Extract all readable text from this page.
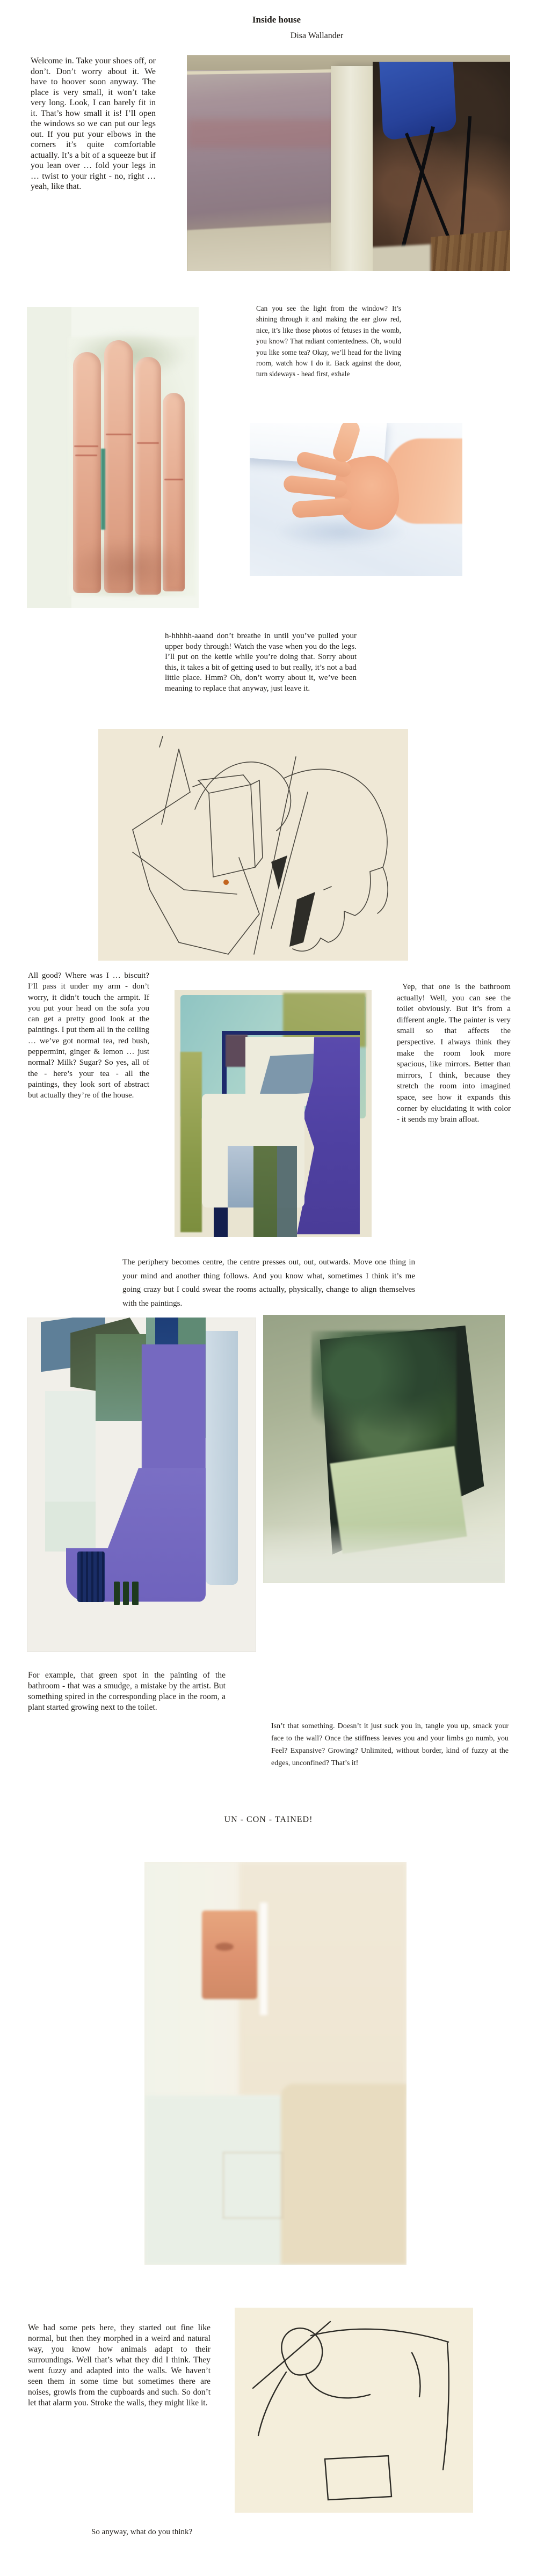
Inside house
Disa Wallander

Welcome in. Take your shoes off, or don’t. Don’t worry about it. We have to hoover soon anyway. The place is very small, it won’t take very long. Look, I can barely fit in it. That’s how small it is! I’ll open the windows so we can put our legs out. If you put your elbows in the corners it’s quite comfortable actually. It’s a bit of a squeeze but if you lean over … fold your legs in … twist to your right - no, right … yeah, like that.

Can you see the light from the window? It’s shining through it and making the ear glow red, nice, it’s like those photos of fetuses in the womb, you know? That radiant contentedness. Oh, would you like some tea? Okay, we’ll head for the living room, watch how I do it. Back against the door, turn sideways - head first, exhale

h-hhhhh-aaand don’t breathe in until you’ve pulled your upper body through! Watch the vase when you do the legs. I’ll put on the kettle while you’re doing that. Sorry about this, it takes a bit of getting used to but really, it’s not a bad little place. Hmm? Oh, don’t worry about it, we’ve been meaning to replace that anyway, just leave it.

All good? Where was I … biscuit? I’ll pass it under my arm - don’t worry, it didn’t touch the armpit. If you put your head on the sofa you can get a pretty good look at the paintings. I put them all in the ceiling … we’ve got normal tea, red bush, peppermint, ginger & lemon … just normal? Milk? Sugar? So yes, all of the - here’s your tea - all the paintings, they look sort of abstract but actually they’re of the house.

Yep, that one is the bathroom actually! Well, you can see the toilet obviously. But it’s from a different angle. The painter is very small so that affects the perspective. I always think they make the room look more spacious, like mirrors. Better than mirrors, I think, because they stretch the room into imagined space, see how it expands this corner by elucidating it with color - it sends my brain afloat.

The periphery becomes centre, the centre presses out, out, outwards. Move one thing in your mind and another thing follows. And you know what, sometimes I think it’s me going crazy but I could swear the rooms actually, physically, change to align themselves with the paintings.

For example, that green spot in the painting of the bathroom - that was a smudge, a mistake by the artist. But something spired in the corresponding place in the room, a plant started growing next to the toilet.

Isn’t that something. Doesn’t it just suck you in, tangle you up, smack your face to the wall? Once the stiffness leaves you and your limbs go numb, you Feel? Expansive? Growing? Unlimited, without border, kind of fuzzy at the edges, unconfined? That’s it!

UN - CON - TAINED!

We had some pets here, they started out fine like normal, but then they morphed in a weird and natural way, you know how animals adapt to their surroundings. Well that’s what they did I think. They went fuzzy and adapted into the walls. We haven’t seen them in some time but sometimes there are noises, growls from the cupboards and such. So don’t let that alarm you. Stroke the walls, they might like it.

So anyway, what do you think?
